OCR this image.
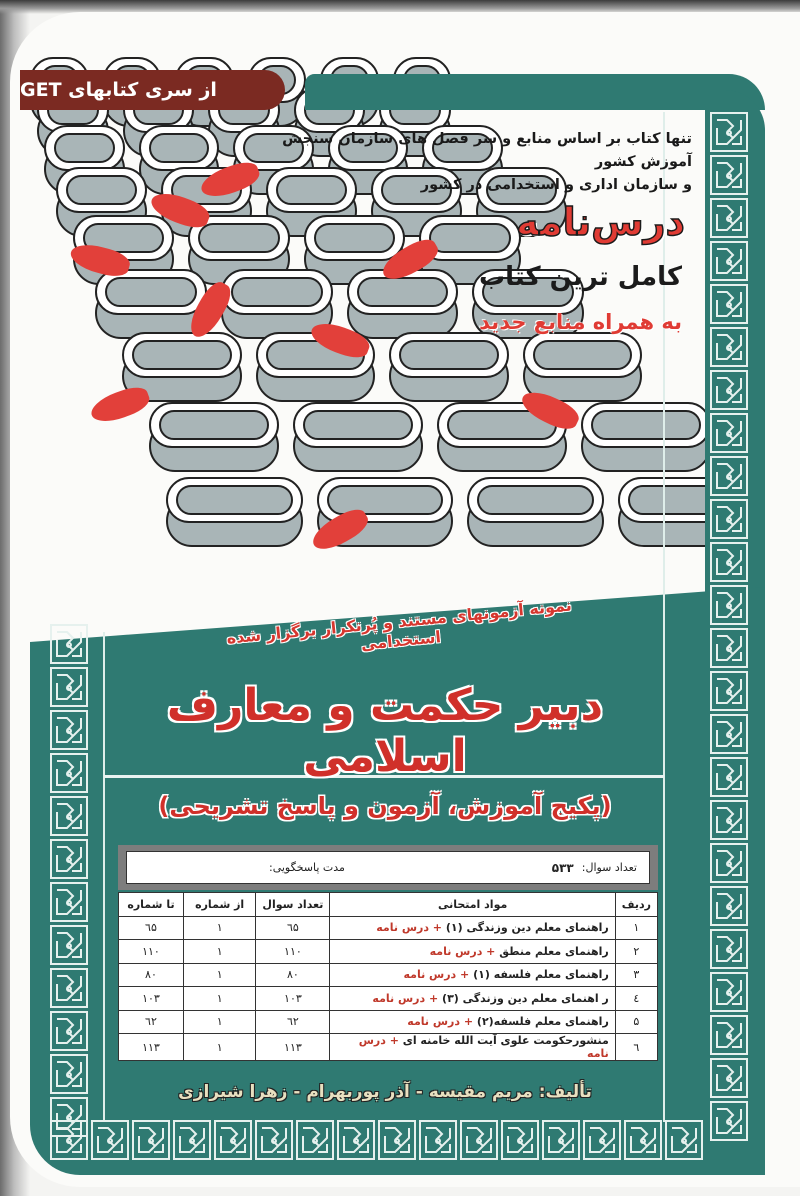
از سری کتابهای GET
تنها کتاب بر اساس منابع و سر فصل های سازمان سنجش آموزش کشور
و سازمان اداری و استخدامی در کشور
درس‌نامه
کامل ترین کتاب
به همراه منابع جدید
نمونه آزمونهای مستند و پُرتکرار برگزار شده استخدامی
دبیر حکمت و معارف اسلامی
(پکیج آموزش، آزمون و پاسخ تشریحی)
تعداد سوال:
۵۳۳
مدت پاسخگویی:
ردیف	مواد امتحانی	تعداد سوال	از شماره	تا شماره
۱	راهنمای معلم دین وزندگی (۱) + درس نامه	٦۵	۱	٦۵
۲	راهنمای معلم منطق + درس نامه	۱۱۰	۱	۱۱۰
۳	راهنمای معلم فلسفه (۱) + درس نامه	۸۰	۱	۸۰
٤	ر اهنمای معلم دین وزندگی (۳) + درس نامه	۱۰۳	۱	۱۰۳
۵	راهنمای معلم فلسفه(۲) + درس نامه	٦۲	۱	٦۲
٦	منشورحکومت علوی آیت الله خامنه ای + درس نامه	۱۱۳	۱	۱۱۳
تألیف: مریم مقیسه - آذر پوربهرام - زهرا شیرازی
